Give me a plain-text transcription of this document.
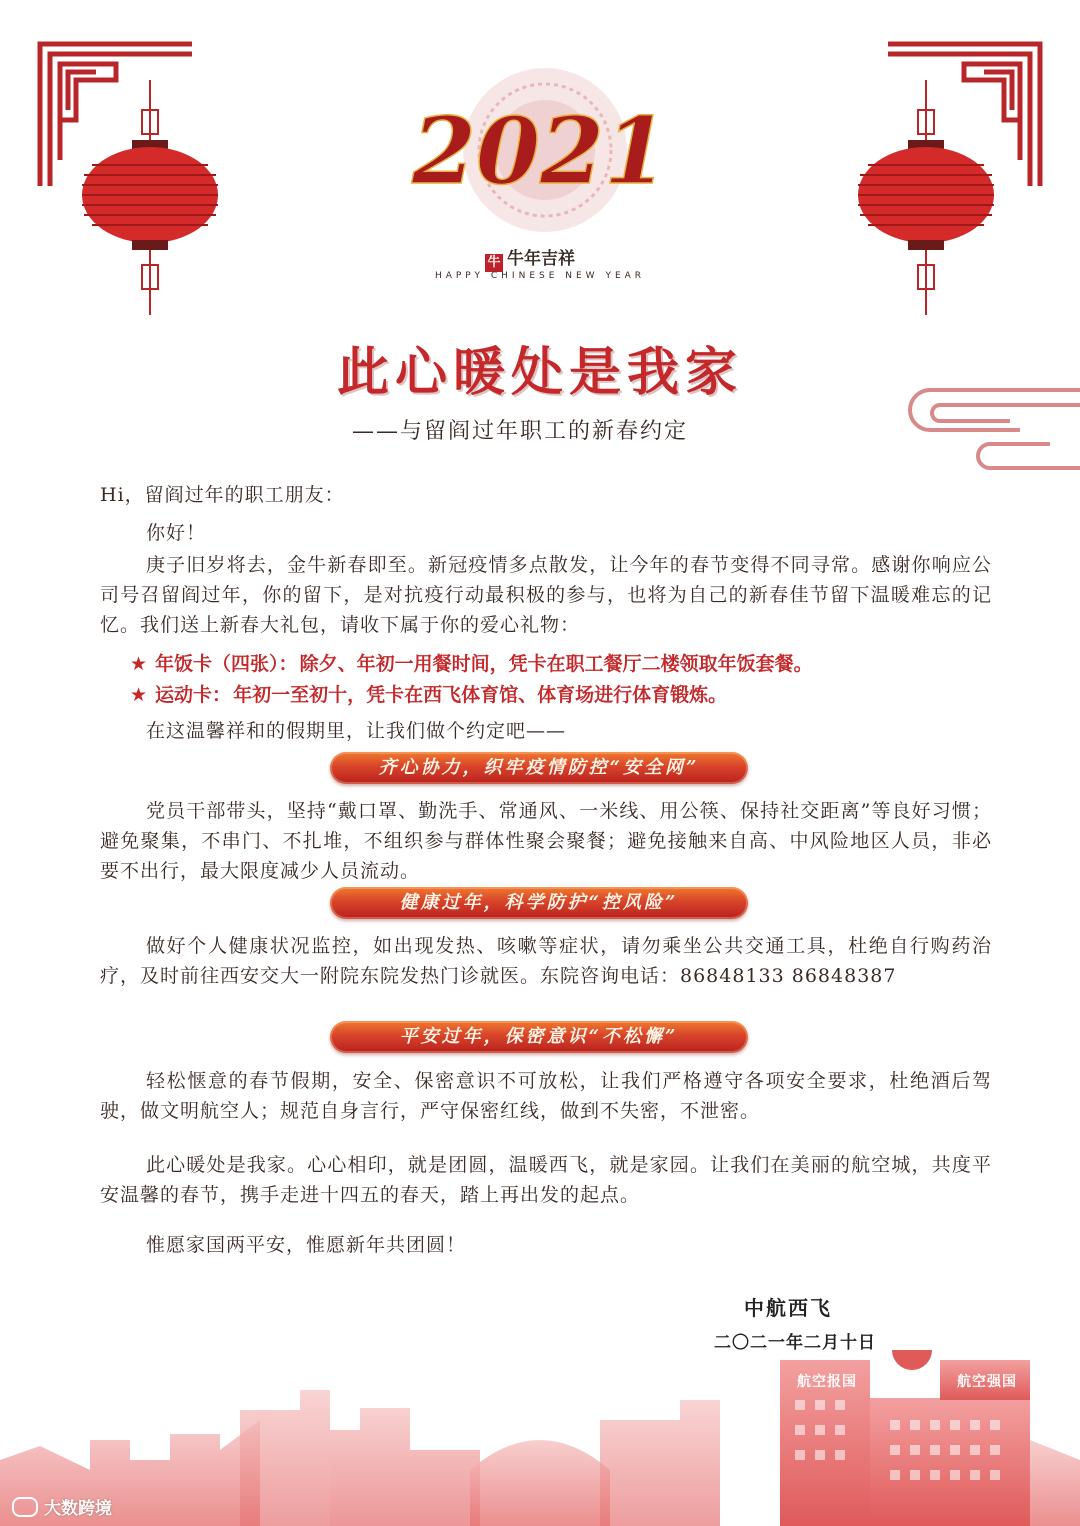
2021
牛 牛年吉祥
HAPPY CHINESE NEW YEAR
此心暖处是我家
——与留阎过年职工的新春约定
Hi，留阎过年的职工朋友：
你好！
庚子旧岁将去，金牛新春即至。新冠疫情多点散发，让今年的春节变得不同寻常。感谢你响应公司号召留阎过年，你的留下，是对抗疫行动最积极的参与，也将为自己的新春佳节留下温暖难忘的记忆。我们送上新春大礼包，请收下属于你的爱心礼物：
★ 年饭卡（四张）： 除夕、年初一用餐时间，凭卡在职工餐厅二楼领取年饭套餐。
★ 运动卡： 年初一至初十，凭卡在西飞体育馆、体育场进行体育锻炼。
在这温馨祥和的假期里，让我们做个约定吧——
齐心协力，织牢疫情防控“安全网”
党员干部带头，坚持“戴口罩、勤洗手、常通风、一米线、用公筷、保持社交距离”等良好习惯；避免聚集，不串门、不扎堆，不组织参与群体性聚会聚餐；避免接触来自高、中风险地区人员，非必要不出行，最大限度减少人员流动。
健康过年，科学防护“控风险”
做好个人健康状况监控，如出现发热、咳嗽等症状，请勿乘坐公共交通工具，杜绝自行购药治疗，及时前往西安交大一附院东院发热门诊就医。东院咨询电话：86848133 86848387
平安过年，保密意识“不松懈”
轻松惬意的春节假期，安全、保密意识不可放松，让我们严格遵守各项安全要求，杜绝酒后驾驶，做文明航空人；规范自身言行，严守保密红线，做到不失密，不泄密。
此心暖处是我家。心心相印，就是团圆，温暖西飞，就是家园。让我们在美丽的航空城，共度平安温馨的春节，携手走进十四五的春天，踏上再出发的起点。
惟愿家国两平安，惟愿新年共团圆！
中航西飞
二〇二一年二月十日
航空报国	航空强国
大数跨境
